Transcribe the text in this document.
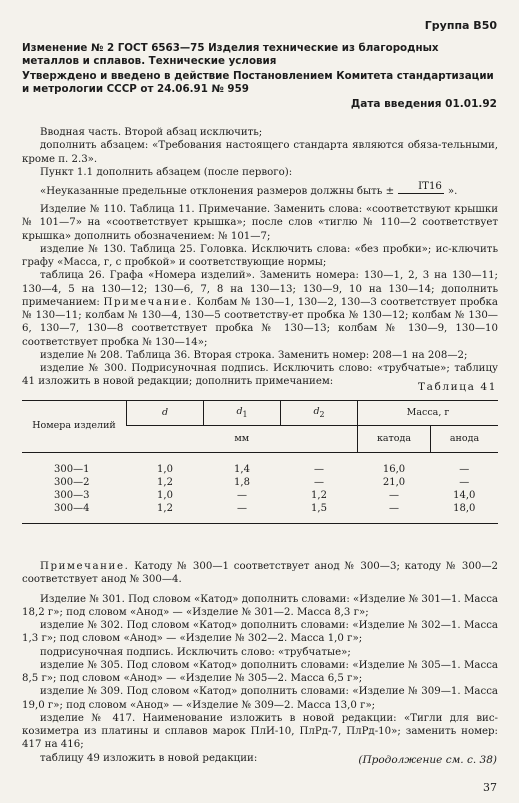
Группа В50
Изменение № 2 ГОСТ 6563—75 Изделия технические из благородных металлов и сплавов. Технические условия
Утверждено и введено в действие Постановлением Комитета стандартизации и метрологии СССР от 24.06.91 № 959
Дата введения 01.01.92

Вводная часть. Второй абзац исключить;

дополнить абзацем: «Требования настоящего стандарта являются обяза-тельными, кроме п. 2.3».

Пункт 1.1 дополнить абзацем (после первого):

«Неуказанные предельные отклонения размеров должны быть ±	IT16 ».

Изделие № 110. Таблица 11. Примечание. Заменить слова: «соответствуют крышки № 101—7» на «соответствует крышка»; после слов «тиглю № 110—2 соответствует крышка» дополнить обозначением: № 101—7;

изделие № 130. Таблица 25. Головка. Исключить слова: «без пробки»; ис-ключить графу «Масса, г, с пробкой» и соответствующие нормы;

таблица 26. Графа «Номера изделий». Заменить номера: 130—1, 2, 3 на 130—11; 130—4, 5 на 130—12; 130—6, 7, 8 на 130—13; 130—9, 10 на 130—14; дополнить примечанием: Примечание. Колбам № 130—1, 130—2, 130—3 соответствует пробка № 130—11; колбам № 130—4, 130—5 соответству-ет пробка № 130—12; колбам № 130—6, 130—7, 130—8 соответствует пробка № 130—13; колбам № 130—9, 130—10 соответствует пробка № 130—14»;

изделие № 208. Таблица 36. Вторая строка. Заменить номер: 208—1 на 208—2;

изделие № 300. Подрисуночная подпись. Исключить слово: «трубчатые»; таблицу 41 изложить в новой редакции; дополнить примечанием:	Таблица 41
Номера изделий	d	$d_1$	$d_2$	Масса, г	
	мм			катода	анода
300—1	1,0	1,4	—	16,0	—
300—2	1,2	1,8	—	21,0	—
300—3	1,0	—	1,2	—	14,0
300—4	1,2	—	1,5	—	18,0

Примечание. Катоду № 300—1 соответствует анод № 300—3; катоду № 300—2 соответствует анод № 300—4.

Изделие № 301. Под словом «Катод» дополнить словами: «Изделие № 301—1. Масса 18,2 г»; под словом «Анод» — «Изделие № 301—2. Масса 8,3 г»;

изделие № 302. Под словом «Катод» дополнить словами: «Изделие № 302—1. Масса 1,3 г»; под словом «Анод» — «Изделие № 302—2. Масса 1,0 г»;

подрисуночная подпись. Исключить слово: «трубчатые»;

изделие № 305. Под словом «Катод» дополнить словами: «Изделие № 305—1. Масса 8,5 г»; под словом «Анод» — «Изделие № 305—2. Масса 6,5 г»;

изделие № 309. Под словом «Катод» дополнить словами: «Изделие № 309—1. Масса 19,0 г»; под словом «Анод» — «Изделие № 309—2. Масса 13,0 г»;

изделие № 417. Наименование изложить в новой редакции: «Тигли для вис-козиметра из платины и сплавов марок ПлИ-10, ПлРд-7, ПлРд-10»; заменить номер: 417 на 416;

таблицу 49 изложить в новой редакции:	(Продолжение см. с. 38)
37
